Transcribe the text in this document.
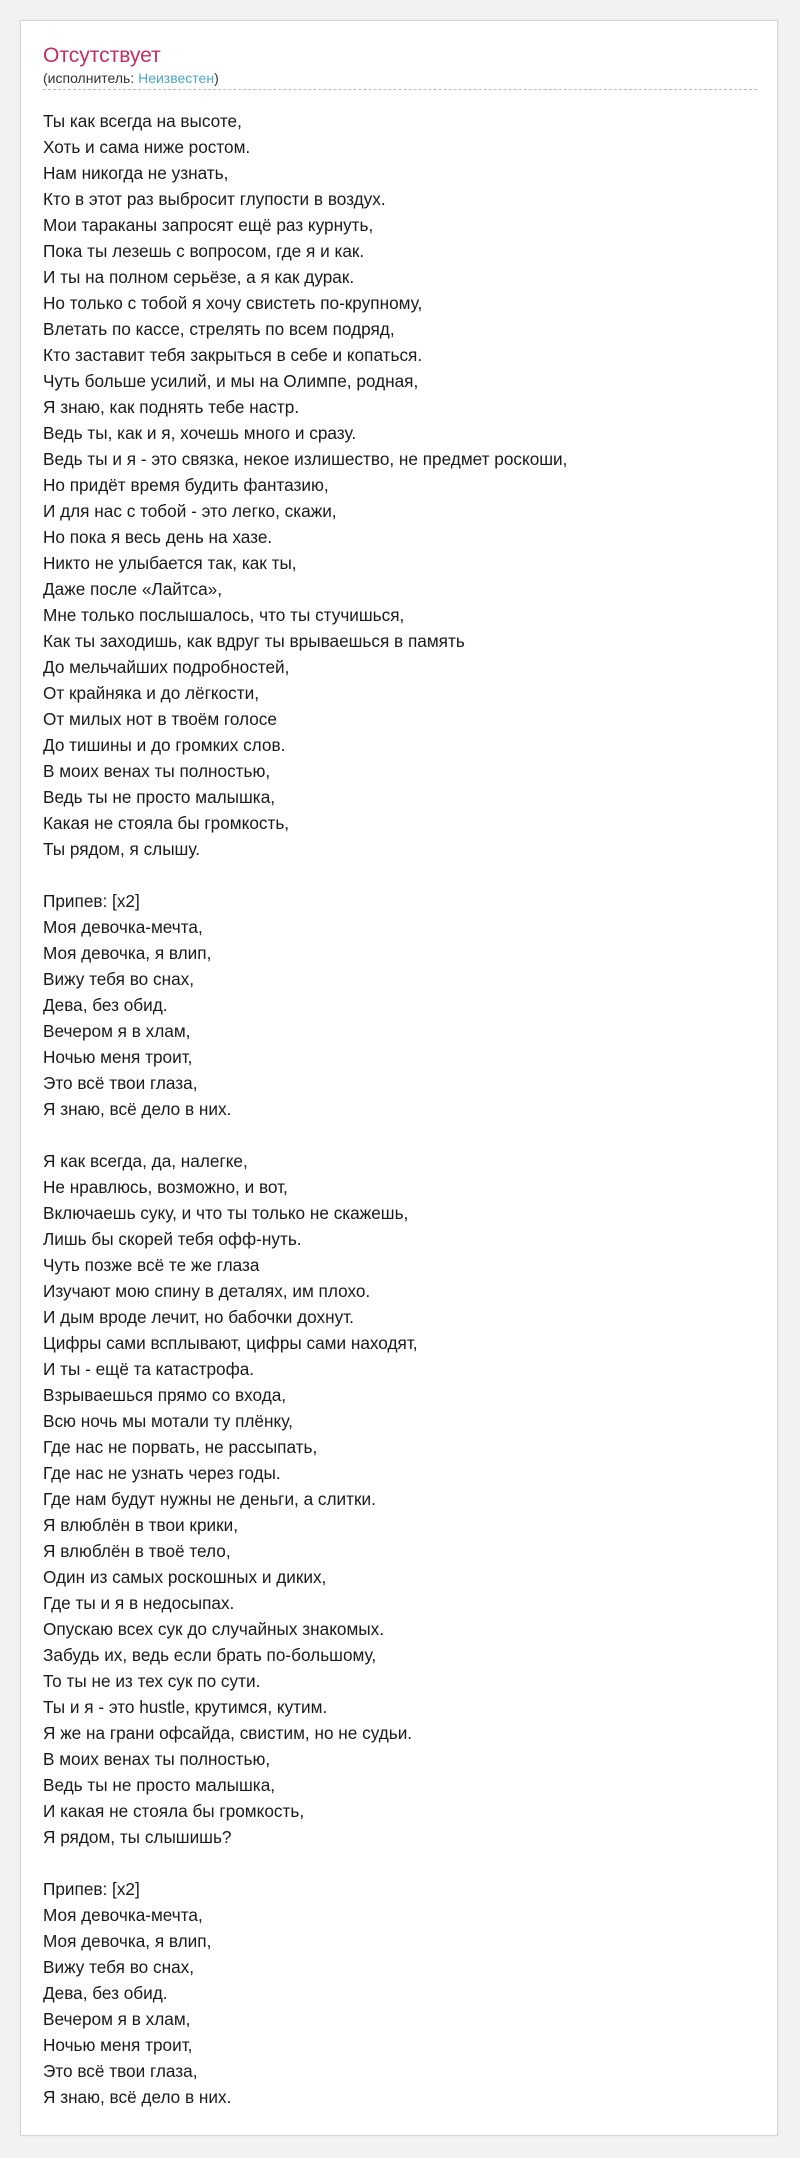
Отсутствует
(исполнитель: Неизвестен)
Ты как всегда на высоте,
Хоть и сама ниже ростом.
Нам никогда не узнать,
Кто в этот раз выбросит глупости в воздух.
Мои тараканы запросят ещё раз курнуть,
Пока ты лезешь с вопросом, где я и как.
И ты на полном серьёзе, а я как дурак.
Но только с тобой я хочу свистеть по-крупному,
Влетать по кассе, стрелять по всем подряд,
Кто заставит тебя закрыться в себе и копаться.
Чуть больше усилий, и мы на Олимпе, родная,
Я знаю, как поднять тебе настр.
Ведь ты, как и я, хочешь много и сразу.
Ведь ты и я - это связка, некое излишество, не предмет роскоши,
Но придёт время будить фантазию,
И для нас с тобой - это легко, скажи,
Но пока я весь день на хазе.
Никто не улыбается так, как ты,
Даже после «Лайтса»,
Мне только послышалось, что ты стучишься,
Как ты заходишь, как вдруг ты врываешься в память
До мельчайших подробностей,
От крайняка и до лёгкости,
От милых нот в твоём голосе
До тишины и до громких слов.
В моих венах ты полностью,
Ведь ты не просто малышка,
Какая не стояла бы громкость,
Ты рядом, я слышу.

Припев: [x2]
Моя девочка-мечта,
Моя девочка, я влип,
Вижу тебя во снах,
Дева, без обид.
Вечером я в хлам,
Ночью меня троит,
Это всё твои глаза,
Я знаю, всё дело в них.

Я как всегда, да, налегке,
Не нравлюсь, возможно, и вот,
Включаешь суку, и что ты только не скажешь,
Лишь бы скорей тебя офф-нуть.
Чуть позже всё те же глаза
Изучают мою спину в деталях, им плохо.
И дым вроде лечит, но бабочки дохнут.
Цифры сами всплывают, цифры сами находят,
И ты - ещё та катастрофа.
Взрываешься прямо со входа,
Всю ночь мы мотали ту плёнку,
Где нас не порвать, не рассыпать,
Где нас не узнать через годы.
Где нам будут нужны не деньги, а слитки.
Я влюблён в твои крики,
Я влюблён в твоё тело,
Один из самых роскошных и диких,
Где ты и я в недосыпах.
Опускаю всех сук до случайных знакомых.
Забудь их, ведь если брать по-большому,
То ты не из тех сук по сути.
Ты и я - это hustle, крутимся, кутим.
Я же на грани офсайда, свистим, но не судьи.
В моих венах ты полностью,
Ведь ты не просто малышка,
И какая не стояла бы громкость,
Я рядом, ты слышишь?

Припев: [x2]
Моя девочка-мечта,
Моя девочка, я влип,
Вижу тебя во снах,
Дева, без обид.
Вечером я в хлам,
Ночью меня троит,
Это всё твои глаза,
Я знаю, всё дело в них.
